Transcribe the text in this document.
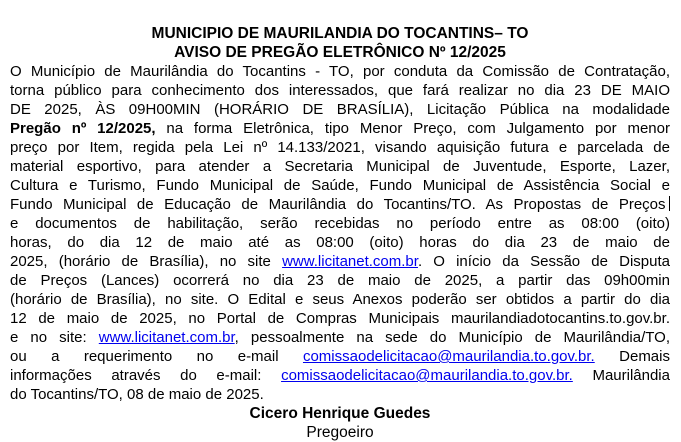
MUNICIPIO DE MAURILANDIA DO TOCANTINS– TO
AVISO DE PREGÃO ELETRÔNICO Nº 12/2025
O Município de Maurilândia do Tocantins - TO, por conduta da Comissão de Contratação,
torna público para conhecimento dos interessados, que fará realizar no dia 23 DE MAIO
DE 2025, ÀS 09H00MIN (HORÁRIO DE BRASÍLIA), Licitação Pública na modalidade
Pregão nº 12/2025, na forma Eletrônica, tipo Menor Preço, com Julgamento por menor
preço por Item, regida pela Lei nº 14.133/2021, visando aquisição futura e parcelada de
material esportivo, para atender a Secretaria Municipal de Juventude, Esporte, Lazer,
Cultura e Turismo, Fundo Municipal de Saúde, Fundo Municipal de Assistência Social e
Fundo Municipal de Educação de Maurilândia do Tocantins/TO. As Propostas de Preços
e documentos de habilitação, serão recebidas no período entre as 08:00 (oito)
horas, do dia 12 de maio até as 08:00 (oito) horas do dia 23 de maio de
2025, (horário de Brasília), no site www.licitanet.com.br. O início da Sessão de Disputa
de Preços (Lances) ocorrerá no dia 23 de maio de 2025, a partir das 09h00min
(horário de Brasília), no site. O Edital e seus Anexos poderão ser obtidos a partir do dia
12 de maio de 2025, no Portal de Compras Municipais maurilandiadotocantins.to.gov.br.
e no site: www.licitanet.com.br, pessoalmente na sede do Município de Maurilândia/TO,
ou a requerimento no e-mail comissaodelicitacao@maurilandia.to.gov.br. Demais
informações através do e-mail: comissaodelicitacao@maurilandia.to.gov.br. Maurilândia
do Tocantins/TO, 08 de maio de 2025.
Cicero Henrique Guedes
Pregoeiro
